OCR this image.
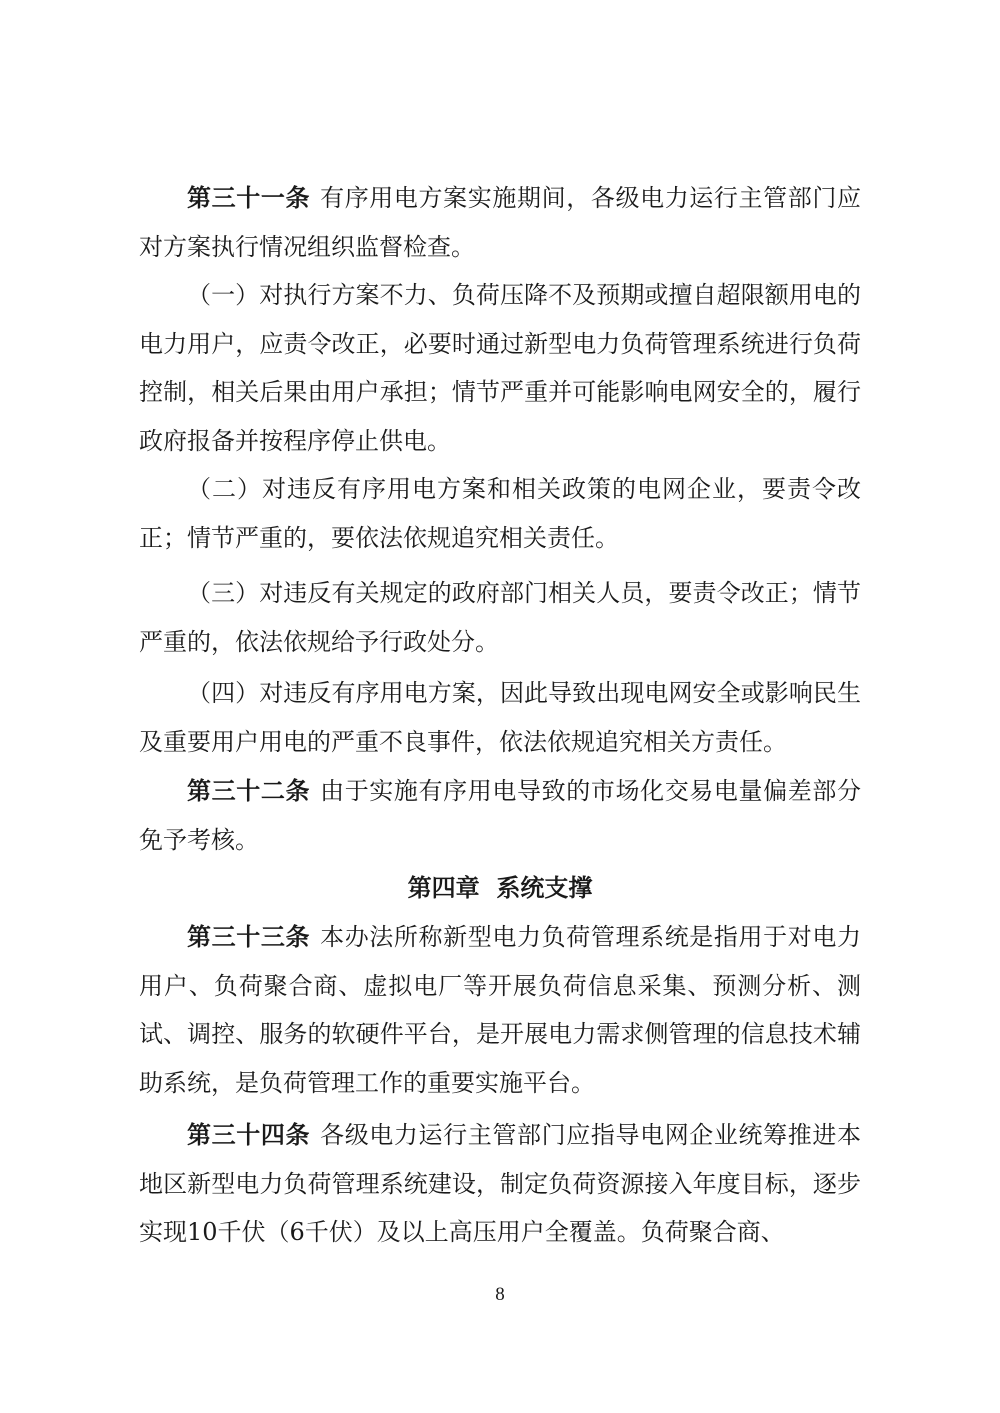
第三十一条 有序用电方案实施期间，各级电力运行主管部门应对方案执行情况组织监督检查。

（一）对执行方案不力、负荷压降不及预期或擅自超限额用电的电力用户，应责令改正，必要时通过新型电力负荷管理系统进行负荷控制，相关后果由用户承担；情节严重并可能影响电网安全的，履行政府报备并按程序停止供电。

（二）对违反有序用电方案和相关政策的电网企业，要责令改正；情节严重的，要依法依规追究相关责任。

（三）对违反有关规定的政府部门相关人员，要责令改正；情节严重的，依法依规给予行政处分。

（四）对违反有序用电方案，因此导致出现电网安全或影响民生及重要用户用电的严重不良事件，依法依规追究相关方责任。

第三十二条 由于实施有序用电导致的市场化交易电量偏差部分免予考核。

第四章  系统支撑

第三十三条 本办法所称新型电力负荷管理系统是指用于对电力用户、负荷聚合商、虚拟电厂等开展负荷信息采集、预测分析、测试、调控、服务的软硬件平台，是开展电力需求侧管理的信息技术辅助系统，是负荷管理工作的重要实施平台。

第三十四条 各级电力运行主管部门应指导电网企业统筹推进本地区新型电力负荷管理系统建设，制定负荷资源接入年度目标，逐步实现10千伏（6千伏）及以上高压用户全覆盖。负荷聚合商、

8
